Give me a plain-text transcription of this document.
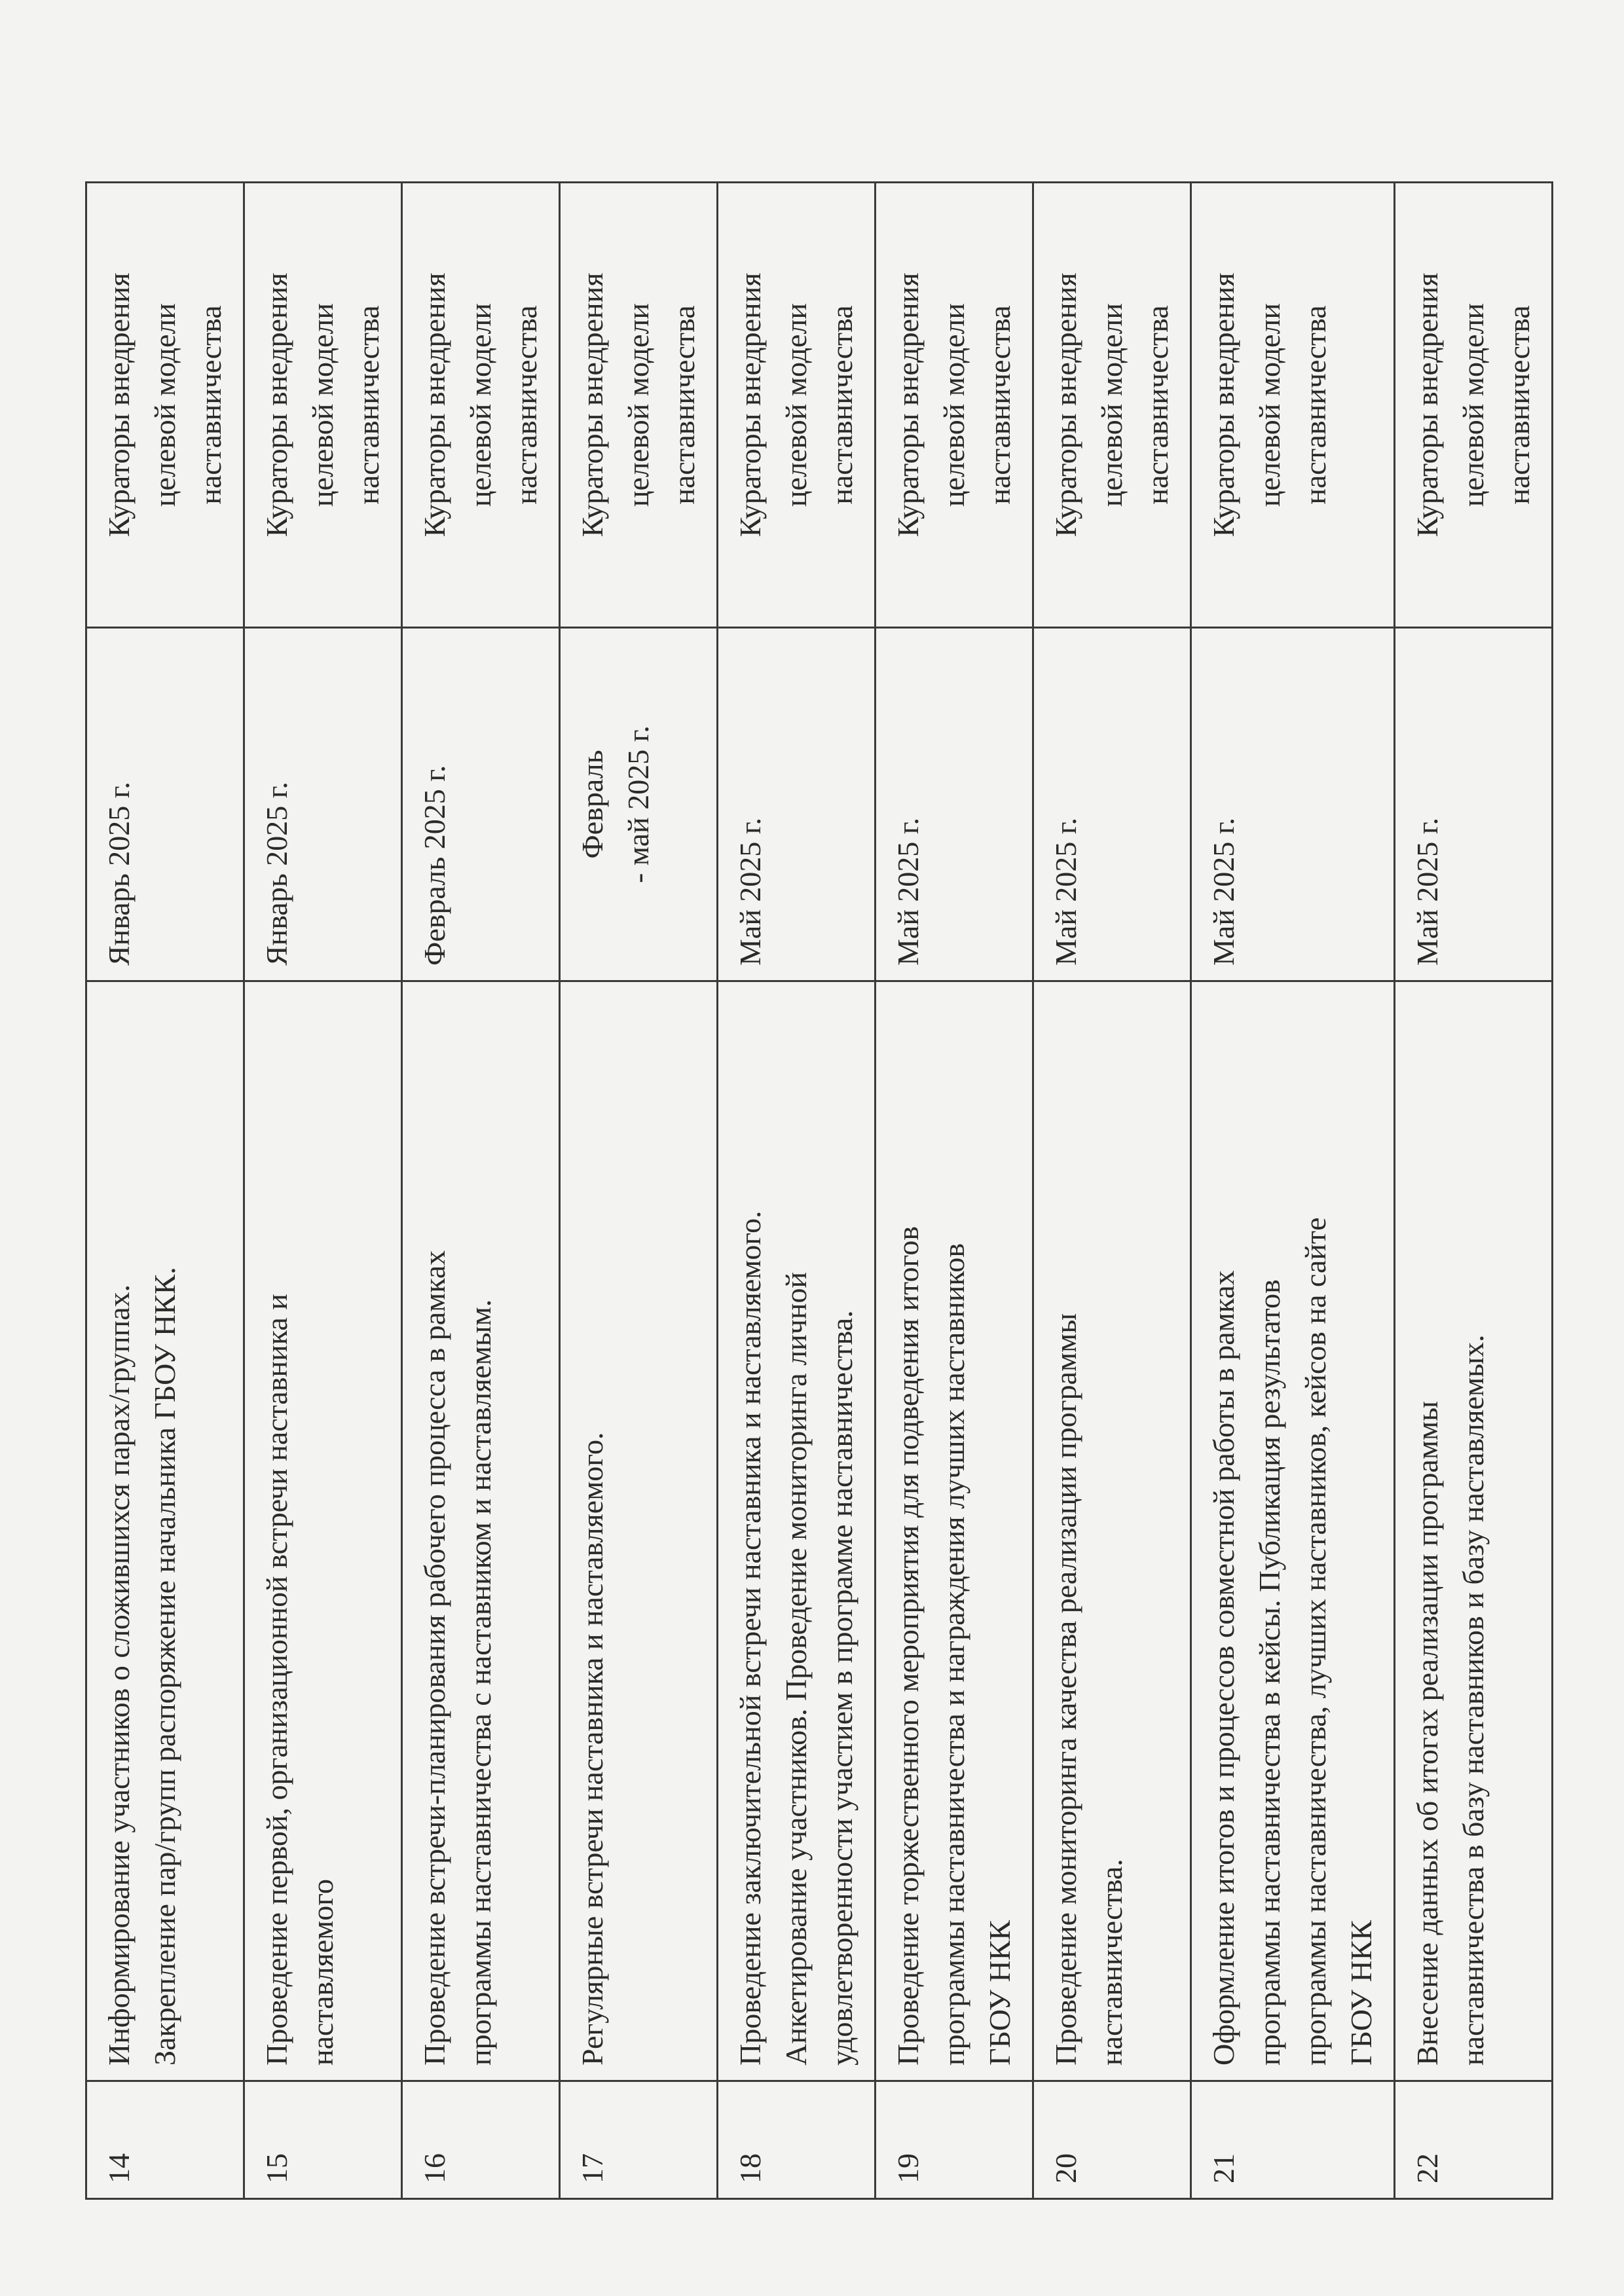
14	Информирование участников о сложившихся парах/группах. Закрепление пар/групп распоряжение начальника ГБОУ НКК.	Январь 2025 г.	Кураторы внедрения целевой модели наставничества

15	Проведение первой, организационной встречи наставника и наставляемого	Январь 2025 г.	Кураторы внедрения целевой модели наставничества

16	Проведение встречи-планирования рабочего процесса в рамках программы наставничества с наставником и наставляемым.	Февраль 2025 г.	Кураторы внедрения целевой модели наставничества

17	Регулярные встречи наставника и наставляемого.	Февраль - май 2025 г.	Кураторы внедрения целевой модели наставничества

18	Проведение заключительной встречи наставника и наставляемого. Анкетирование участников. Проведение мониторинга личной удовлетворенности участием в программе наставничества.	Май 2025 г.	Кураторы внедрения целевой модели наставничества

19	Проведение торжественного мероприятия для подведения итогов программы наставничества и награждения лучших наставников ГБОУ НКК	Май 2025 г.	Кураторы внедрения целевой модели наставничества

20	Проведение мониторинга качества реализации программы наставничества.	Май 2025 г.	Кураторы внедрения целевой модели наставничества

21	Оформление итогов и процессов совместной работы в рамках программы наставничества в кейсы. Публикация результатов программы наставничества, лучших наставников, кейсов на сайте ГБОУ НКК	Май 2025 г.	Кураторы внедрения целевой модели наставничества

22	Внесение данных об итогах реализации программы наставничества в базу наставников и базу наставляемых.	Май 2025 г.	Кураторы внедрения целевой модели наставничества
